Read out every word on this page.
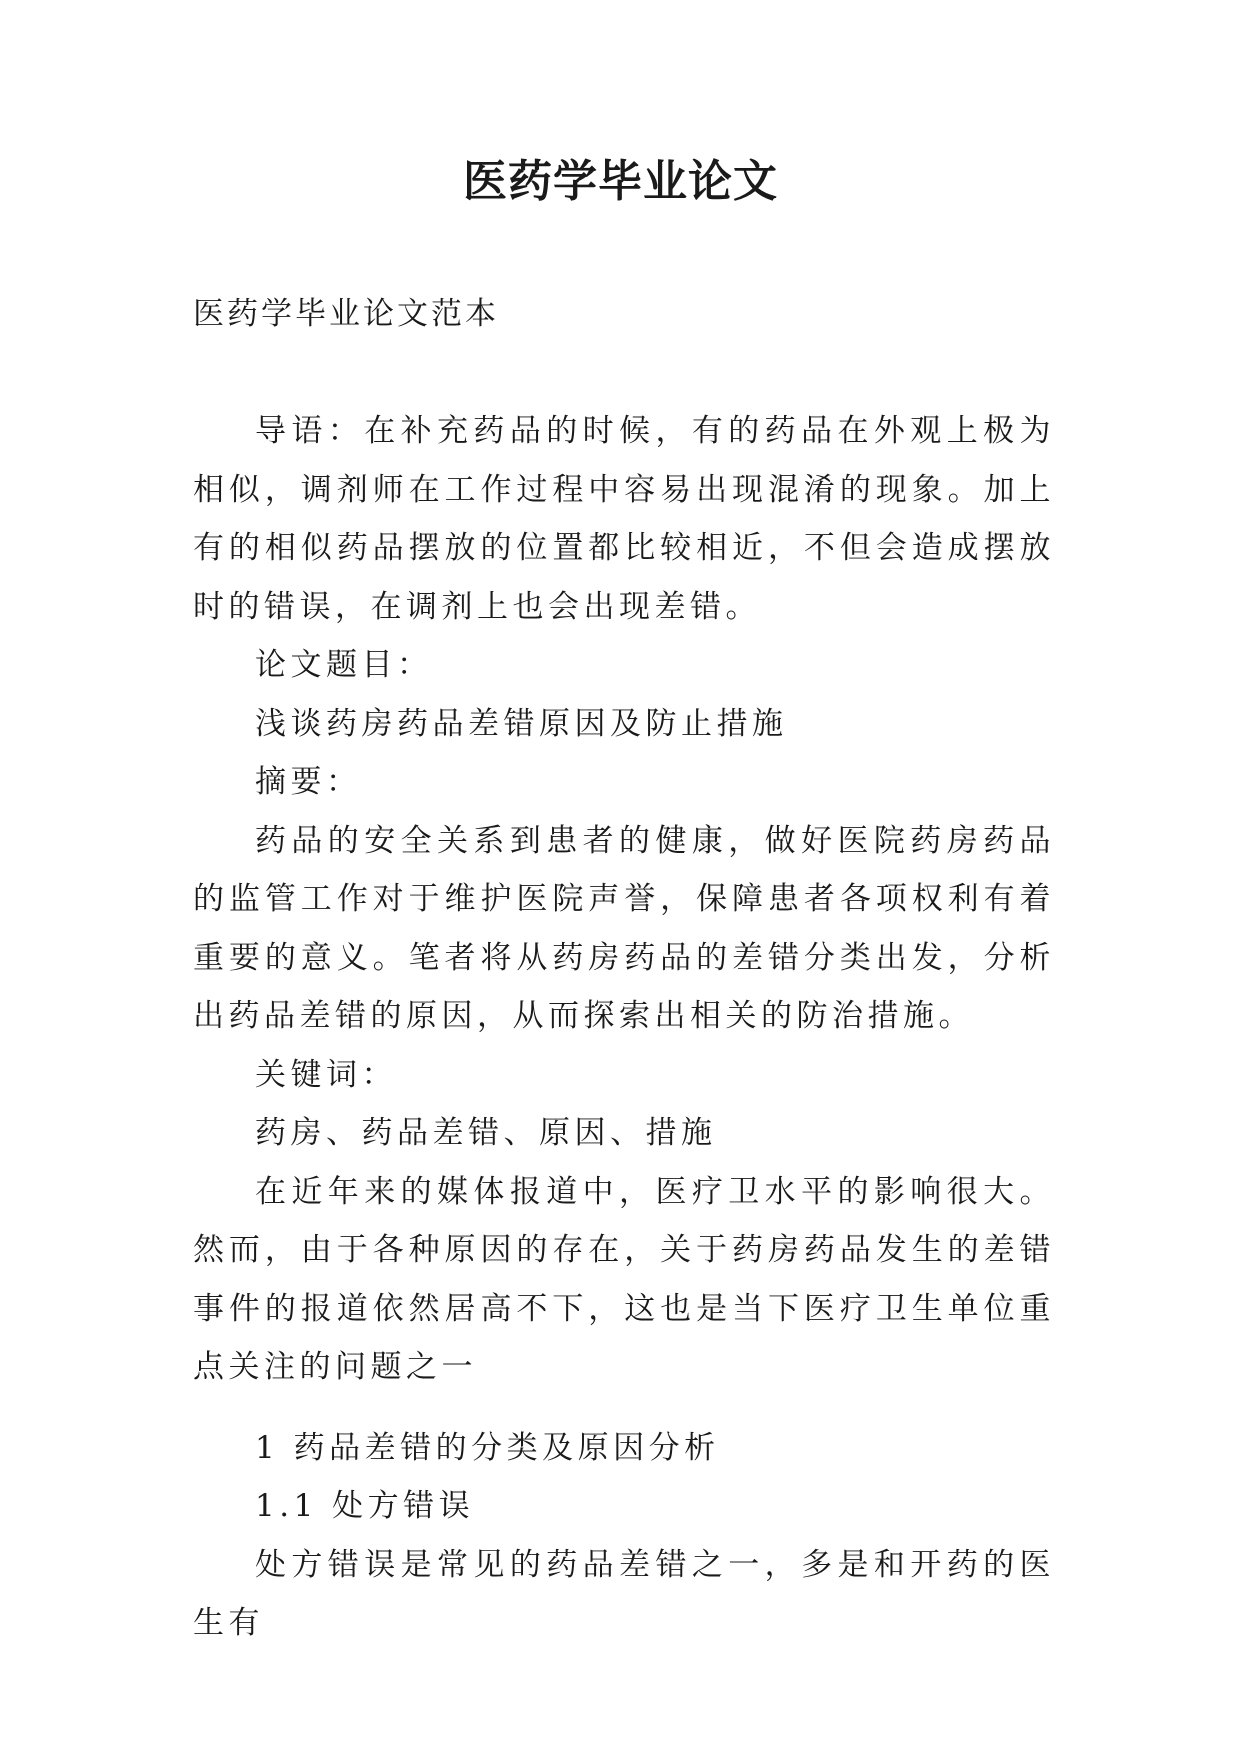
医药学毕业论文
医药学毕业论文范本

导语：在补充药品的时候，有的药品在外观上极为相似，调剂师在工作过程中容易出现混淆的现象。加上有的相似药品摆放的位置都比较相近，不但会造成摆放时的错误，在调剂上也会出现差错。

论文题目：

浅谈药房药品差错原因及防止措施

摘要：

药品的安全关系到患者的健康，做好医院药房药品的监管工作对于维护医院声誉，保障患者各项权利有着重要的意义。笔者将从药房药品的差错分类出发，分析出药品差错的原因，从而探索出相关的防治措施。

关键词：

药房、药品差错、原因、措施

在近年来的媒体报道中，医疗卫水平的影响很大。然而，由于各种原因的存在，关于药房药品发生的差错事件的报道依然居高不下，这也是当下医疗卫生单位重点关注的问题之一

1 药品差错的分类及原因分析

1.1 处方错误

处方错误是常见的药品差错之一，多是和开药的医生有
